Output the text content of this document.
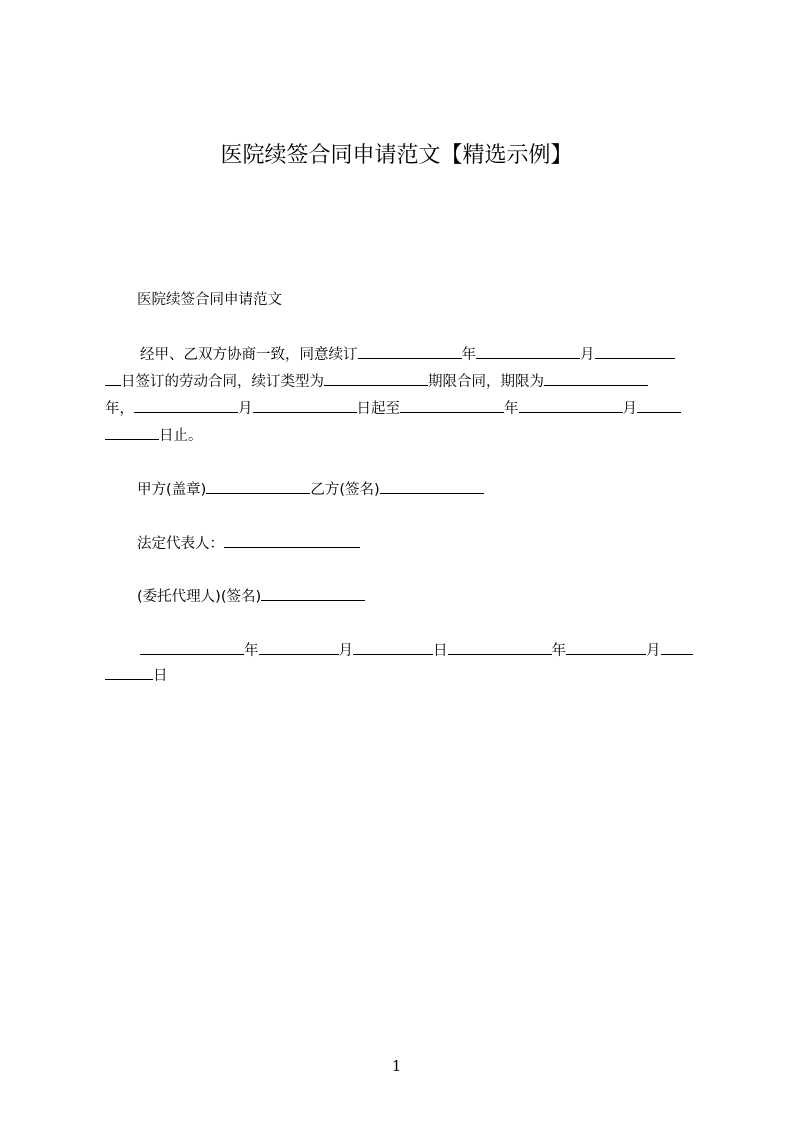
医院续签合同申请范文【精选示例】
医院续签合同申请范文
经甲、乙双方协商一致，同意续订	年	月
日签订的劳动合同，续订类型为	期限合同，期限为
年，	月	日起至	年	月
日止。
甲方(盖章)	乙方(签名)
法定代表人：
(委托代理人)(签名)
年	月	日	年	月
日
1
